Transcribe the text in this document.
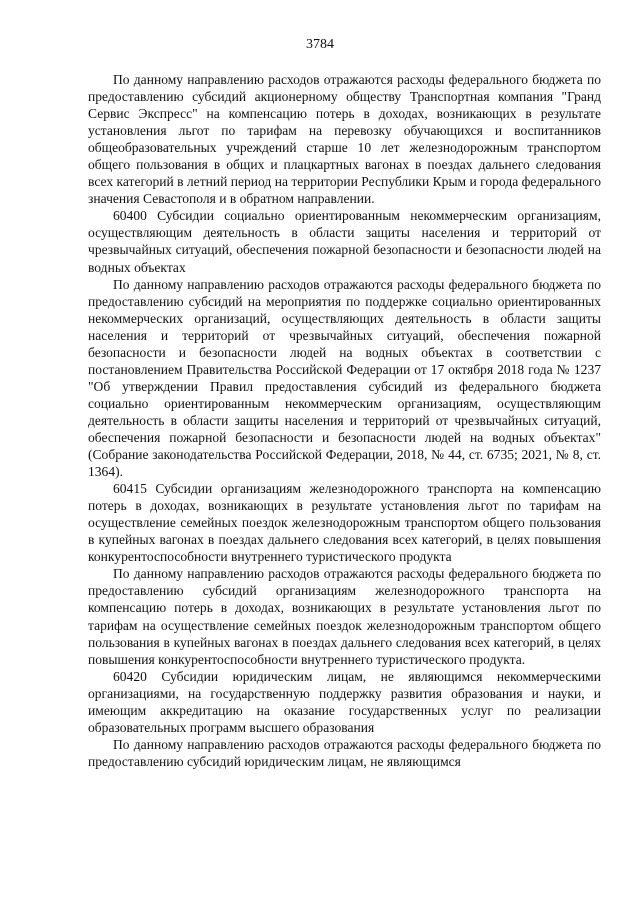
3784

По данному направлению расходов отражаются расходы федерального бюджета по предоставлению субсидий акционерному обществу Транспортная компания "Гранд Сервис Экспресс" на компенсацию потерь в доходах, возникающих в результате установления льгот по тарифам на перевозку обучающихся и воспитанников общеобразовательных учреждений старше 10 лет железнодорожным транспортом общего пользования в общих и плацкартных вагонах в поездах дальнего следования всех категорий в летний период на территории Республики Крым и города федерального значения Севастополя и в обратном направлении.

60400 Субсидии социально ориентированным некоммерческим организациям, осуществляющим деятельность в области защиты населения и территорий от чрезвычайных ситуаций, обеспечения пожарной безопасности и безопасности людей на водных объектах

По данному направлению расходов отражаются расходы федерального бюджета по предоставлению субсидий на мероприятия по поддержке социально ориентированных некоммерческих организаций, осуществляющих деятельность в области защиты населения и территорий от чрезвычайных ситуаций, обеспечения пожарной безопасности и безопасности людей на водных объектах в соответствии с постановлением Правительства Российской Федерации от 17 октября 2018 года № 1237 "Об утверждении Правил предоставления субсидий из федерального бюджета социально ориентированным некоммерческим организациям, осуществляющим деятельность в области защиты населения и территорий от чрезвычайных ситуаций, обеспечения пожарной безопасности и безопасности людей на водных объектах" (Собрание законодательства Российской Федерации, 2018, № 44, ст. 6735; 2021, № 8, ст. 1364).

60415 Субсидии организациям железнодорожного транспорта на компенсацию потерь в доходах, возникающих в результате установления льгот по тарифам на осуществление семейных поездок железнодорожным транспортом общего пользования в купейных вагонах в поездах дальнего следования всех категорий, в целях повышения конкурентоспособности внутреннего туристического продукта

По данному направлению расходов отражаются расходы федерального бюджета по предоставлению субсидий организациям железнодорожного транспорта на компенсацию потерь в доходах, возникающих в результате установления льгот по тарифам на осуществление семейных поездок железнодорожным транспортом общего пользования в купейных вагонах в поездах дальнего следования всех категорий, в целях повышения конкурентоспособности внутреннего туристического продукта.

60420 Субсидии юридическим лицам, не являющимся некоммерческими организациями, на государственную поддержку развития образования и науки, и имеющим аккредитацию на оказание государственных услуг по реализации образовательных программ высшего образования

По данному направлению расходов отражаются расходы федерального бюджета по предоставлению субсидий юридическим лицам, не являющимся
